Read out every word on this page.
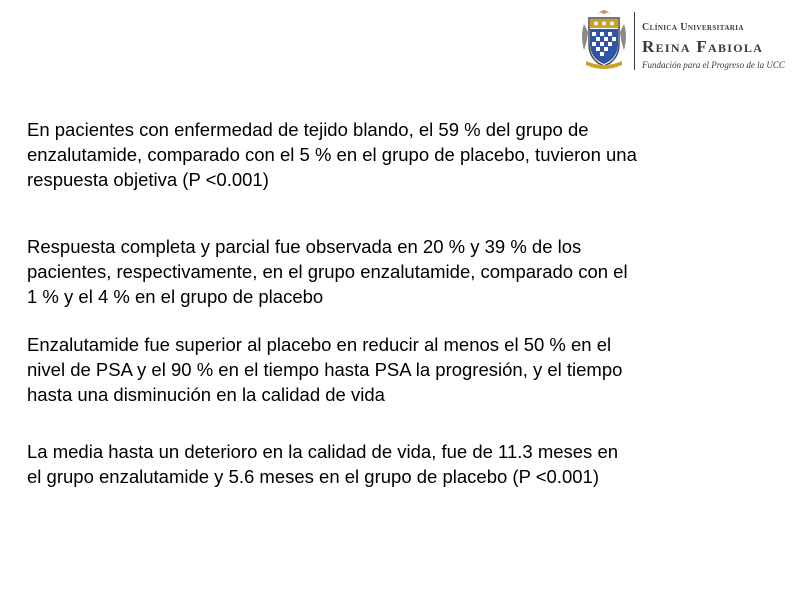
Clínica Universitaria
Reina Fabiola
Fundación para el Progreso de la UCC

En pacientes con enfermedad de tejido blando, el 59 % del grupo de
enzalutamide, comparado con el 5 % en el grupo de placebo, tuvieron una
respuesta objetiva (P <0.001)

Respuesta completa y parcial fue observada en 20 % y 39 % de los
pacientes, respectivamente, en el grupo enzalutamide, comparado con el
1 % y el 4 % en el grupo de placebo

Enzalutamide fue superior al placebo en reducir al menos el 50 % en el
nivel de PSA y el 90 % en el tiempo hasta PSA la progresión, y el tiempo
hasta una disminución en la calidad de vida

La media hasta un deterioro en la calidad de vida, fue de 11.3 meses en
el grupo enzalutamide y 5.6 meses en el grupo de placebo (P <0.001)
